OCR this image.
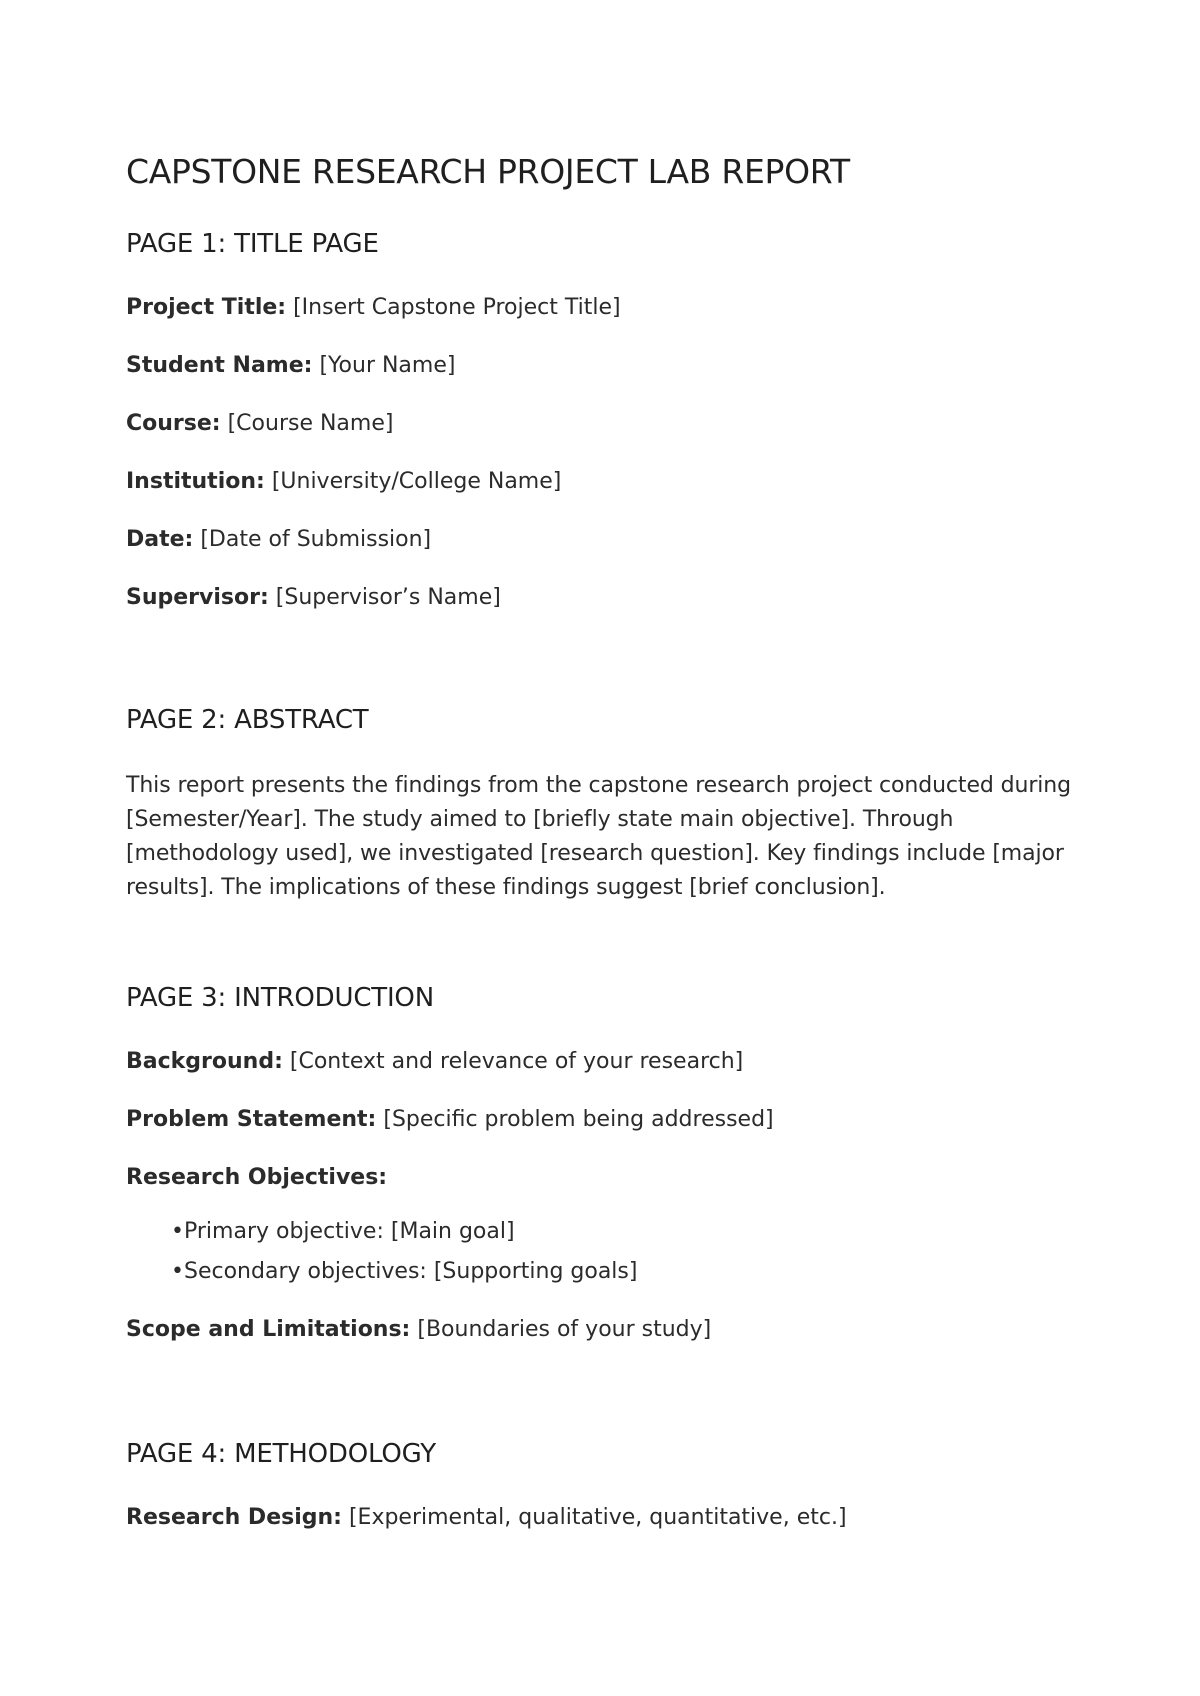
CAPSTONE RESEARCH PROJECT LAB REPORT
PAGE 1: TITLE PAGE

Project Title: [Insert Capstone Project Title]

Student Name: [Your Name]

Course: [Course Name]

Institution: [University/College Name]

Date: [Date of Submission]

Supervisor: [Supervisor’s Name]

PAGE 2: ABSTRACT

This report presents the findings from the capstone research project conducted during [Semester/Year]. The study aimed to [briefly state main objective]. Through [methodology used], we investigated [research question]. Key findings include [major results]. The implications of these findings suggest [brief conclusion].

PAGE 3: INTRODUCTION

Background: [Context and relevance of your research]

Problem Statement: [Specific problem being addressed]

Research Objectives:

•Primary objective: [Main goal]
•Secondary objectives: [Supporting goals]

Scope and Limitations: [Boundaries of your study]

PAGE 4: METHODOLOGY

Research Design: [Experimental, qualitative, quantitative, etc.]
